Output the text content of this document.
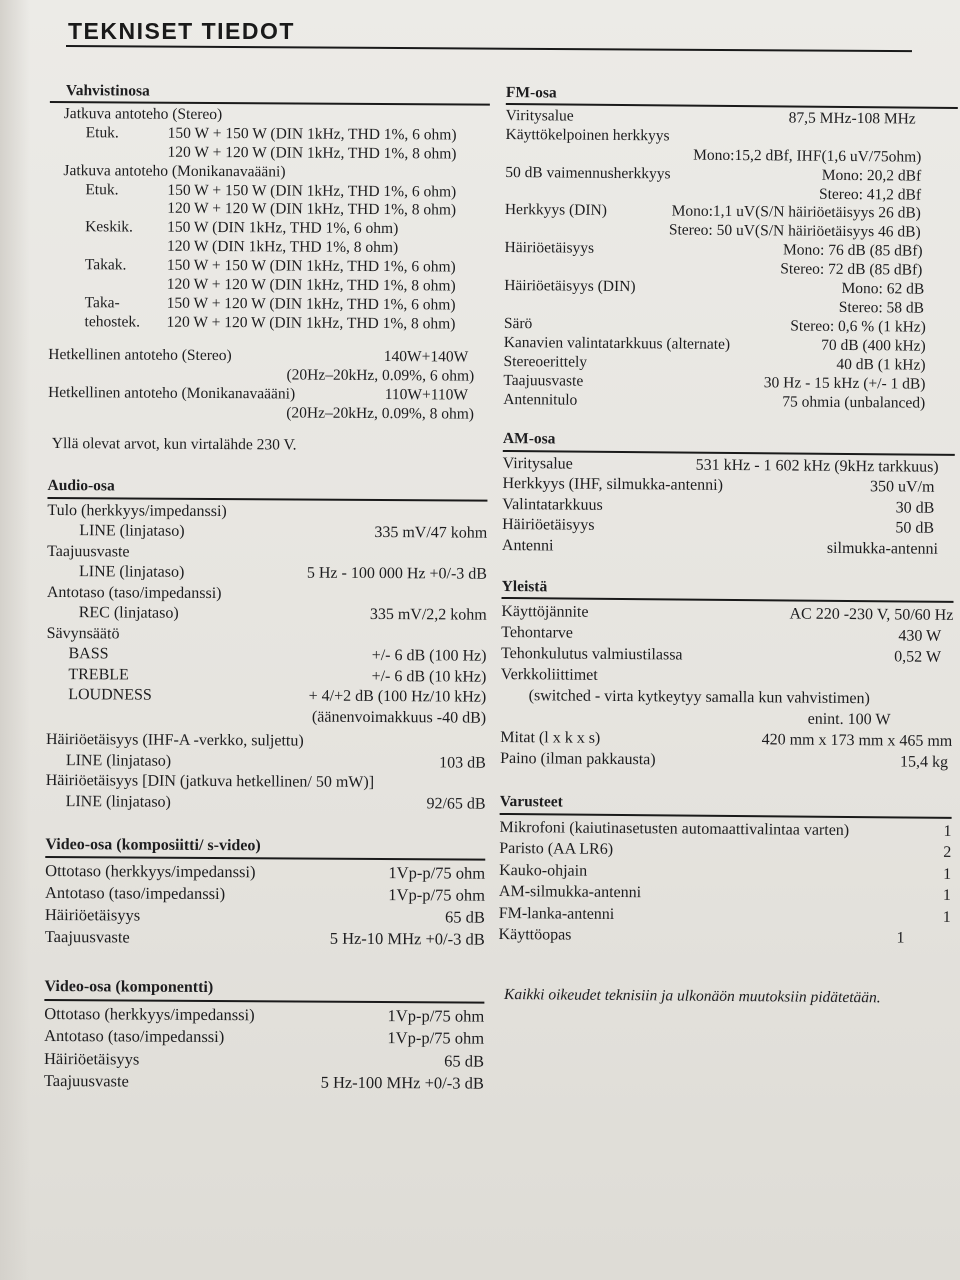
TEKNISET TIEDOT
Vahvistinosa
Jatkuva antoteho (Stereo)
Etuk.	150 W + 150 W (DIN 1kHz, THD 1%, 6 ohm)
120 W + 120 W (DIN 1kHz, THD 1%, 8 ohm)
Jatkuva antoteho (Monikanavaääni)
Etuk.	150 W + 150 W (DIN 1kHz, THD 1%, 6 ohm)
120 W + 120 W (DIN 1kHz, THD 1%, 8 ohm)
Keskik.	150 W (DIN 1kHz, THD 1%, 6 ohm)
120 W (DIN 1kHz, THD 1%, 8 ohm)
Takak.	150 W + 150 W (DIN 1kHz, THD 1%, 6 ohm)
120 W + 120 W (DIN 1kHz, THD 1%, 8 ohm)
Taka-	150 W + 120 W (DIN 1kHz, THD 1%, 6 ohm)
tehostek.	120 W + 120 W (DIN 1kHz, THD 1%, 8 ohm)
Hetkellinen antoteho (Stereo)	140W+140W
(20Hz–20kHz, 0.09%, 6 ohm)
Hetkellinen antoteho (Monikanavaääni)	110W+110W
(20Hz–20kHz, 0.09%, 8 ohm)
Yllä olevat arvot, kun virtalähde 230 V.
Audio-osa
Tulo (herkkyys/impedanssi)
LINE (linjataso)	335 mV/47 kohm
Taajuusvaste
LINE (linjataso)	5 Hz - 100 000 Hz +0/-3 dB
Antotaso (taso/impedanssi)
REC (linjataso)	335 mV/2,2 kohm
Sävynsäätö
BASS	+/- 6 dB (100 Hz)
TREBLE	+/- 6 dB (10 kHz)
LOUDNESS	+ 4/+2 dB (100 Hz/10 kHz)
(äänenvoimakkuus -40 dB)
Häiriöetäisyys (IHF-A -verkko, suljettu)
LINE (linjataso)	103 dB
Häiriöetäisyys [DIN (jatkuva hetkellinen/ 50 mW)]
LINE (linjataso)	92/65 dB
Video-osa (komposiitti/ s-video)
Ottotaso (herkkyys/impedanssi)	1Vp-p/75 ohm
Antotaso (taso/impedanssi)	1Vp-p/75 ohm
Häiriöetäisyys	65 dB
Taajuusvaste	5 Hz-10 MHz +0/-3 dB
Video-osa (komponentti)
Ottotaso (herkkyys/impedanssi)	1Vp-p/75 ohm
Antotaso (taso/impedanssi)	1Vp-p/75 ohm
Häiriöetäisyys	65 dB
Taajuusvaste	5 Hz-100 MHz +0/-3 dB
FM-osa
Viritysalue	87,5 MHz-108 MHz
Käyttökelpoinen herkkyys
Mono:15,2 dBf, IHF(1,6 uV/75ohm)
50 dB vaimennusherkkyys	Mono: 20,2 dBf
Stereo: 41,2 dBf
Herkkyys (DIN)	Mono:1,1 uV(S/N häiriöetäisyys 26 dB)
Stereo: 50 uV(S/N häiriöetäisyys 46 dB)
Häiriöetäisyys	Mono: 76 dB (85 dBf)
Stereo: 72 dB (85 dBf)
Häiriöetäisyys (DIN)	Mono: 62 dB
Stereo: 58 dB
Särö	Stereo: 0,6 % (1 kHz)
Kanavien valintatarkkuus (alternate)	70 dB (400 kHz)
Stereoerittely	40 dB (1 kHz)
Taajuusvaste	30 Hz - 15 kHz (+/- 1 dB)
Antennitulo	75 ohmia (unbalanced)
AM-osa
Viritysalue	531 kHz - 1 602 kHz (9kHz tarkkuus)
Herkkyys (IHF, silmukka-antenni)	350 uV/m
Valintatarkkuus	30 dB
Häiriöetäisyys	50 dB
Antenni	silmukka-antenni
Yleistä
Käyttöjännite	AC 220 -230 V, 50/60 Hz
Tehontarve	430 W
Tehonkulutus valmiustilassa	0,52 W
Verkkoliittimet
(switched - virta kytkeytyy samalla kun vahvistimen)
enint. 100 W
Mitat (l x k x s)	420 mm x 173 mm x 465 mm
Paino (ilman pakkausta)	15,4 kg
Varusteet
Mikrofoni (kaiutinasetusten automaattivalintaa varten)	1
Paristo (AA LR6)	2
Kauko-ohjain	1
AM-silmukka-antenni	1
FM-lanka-antenni	1
Käyttöopas	1
Kaikki oikeudet teknisiin ja ulkonäön muutoksiin pidätetään.
